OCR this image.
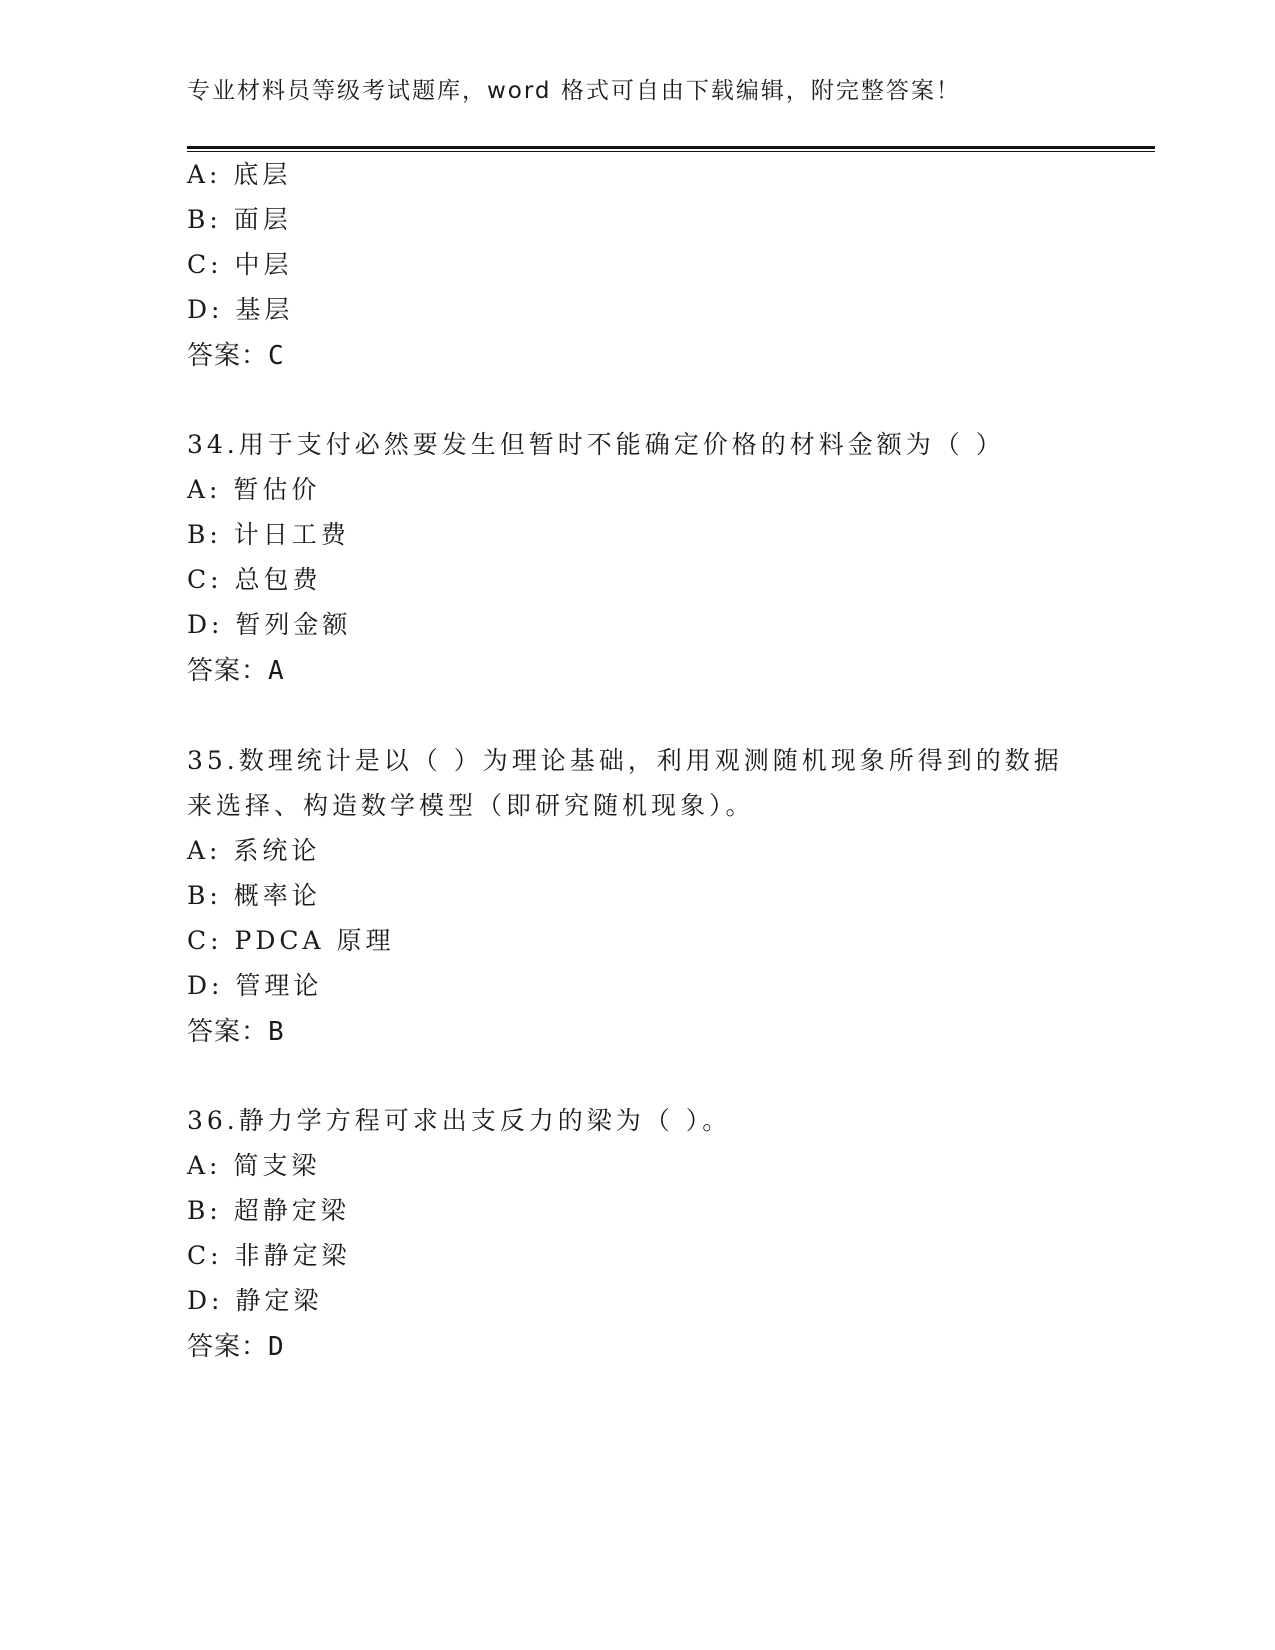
专业材料员等级考试题库，word 格式可自由下载编辑，附完整答案！
A: 底层
B: 面层
C: 中层
D: 基层
答案：C
34.用于支付必然要发生但暂时不能确定价格的材料金额为（ ）
A: 暂估价
B: 计日工费
C: 总包费
D: 暂列金额
答案：A
35.数理统计是以（ ）为理论基础，利用观测随机现象所得到的数据
来选择、构造数学模型（即研究随机现象）。
A: 系统论
B: 概率论
C: PDCA 原理
D: 管理论
答案：B
36.静力学方程可求出支反力的梁为（ ）。
A: 简支梁
B: 超静定梁
C: 非静定梁
D: 静定梁
答案：D
